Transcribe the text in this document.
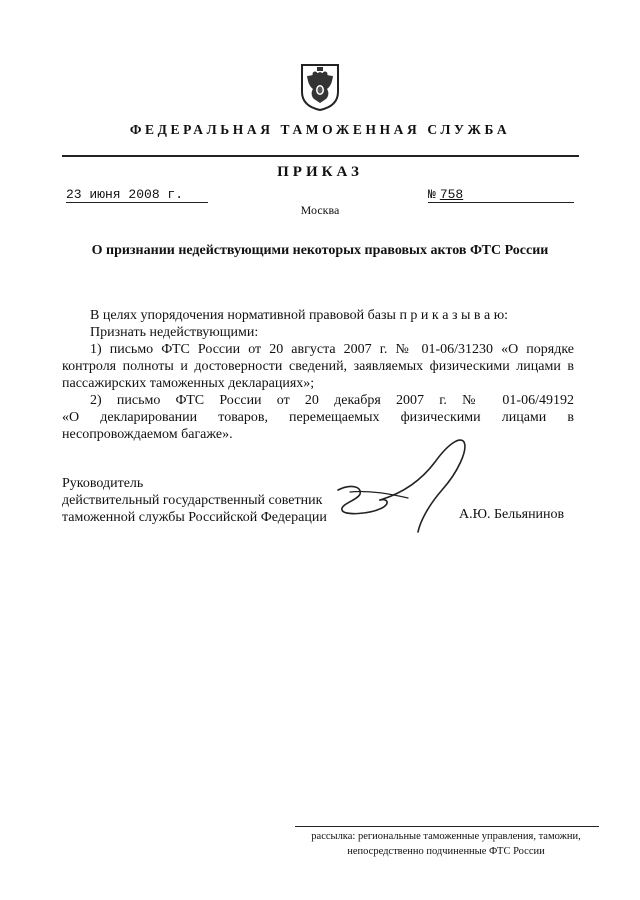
ФЕДЕРАЛЬНАЯ ТАМОЖЕННАЯ СЛУЖБА
ПРИКАЗ
23 июня 2008 г.	№ 758
Москва
О признании недействующими некоторых правовых актов ФТС России
В целях упорядочения нормативной правовой базы п р и к а з ы в а ю:
Признать недействующими:
1) письмо ФТС России от 20 августа 2007 г. № 01-06/31230 «О порядке
контроля полноты и достоверности сведений, заявляемых физическими лицами в
пассажирских таможенных декларациях»;
2) письмо ФТС России от 20 декабря 2007 г. № 01-06/49192
«О декларировании товаров, перемещаемых физическими лицами в
несопровождаемом багаже».
Руководитель
действительный государственный советник
таможенной службы Российской Федерации	А.Ю. Бельянинов
рассылка: региональные таможенные управления, таможни,
непосредственно подчиненные ФТС России
